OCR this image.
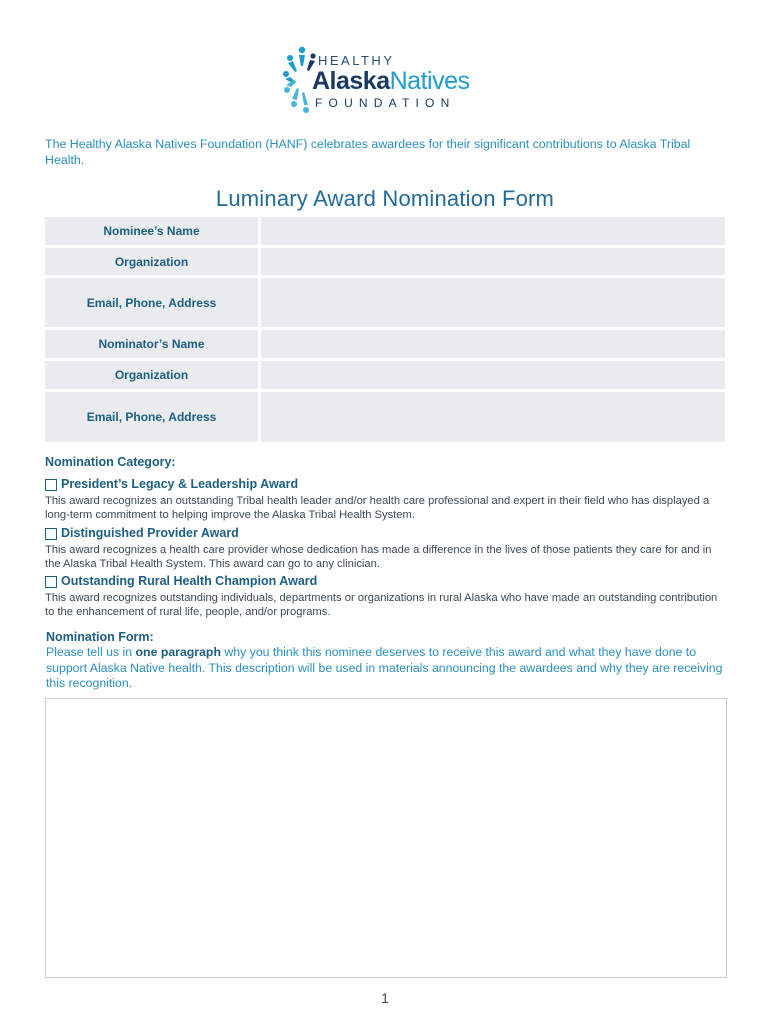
HEALTHY
AlaskaNatives
FOUNDATION
The Healthy Alaska Natives Foundation (HANF) celebrates awardees for their significant contributions to Alaska Tribal Health.
Luminary Award Nomination Form
Nominee’s Name
Organization
Email, Phone, Address
Nominator’s Name
Organization
Email, Phone, Address
Nomination Category:
President’s Legacy & Leadership Award
This award recognizes an outstanding Tribal health leader and/or health care professional and expert in their field who has displayed a long-term commitment to helping improve the Alaska Tribal Health System.
Distinguished Provider Award
This award recognizes a health care provider whose dedication has made a difference in the lives of those patients they care for and in the Alaska Tribal Health System. This award can go to any clinician.
Outstanding Rural Health Champion Award
This award recognizes outstanding individuals, departments or organizations in rural Alaska who have made an outstanding contribution to the enhancement of rural life, people, and/or programs.
Nomination Form:
Please tell us in one paragraph why you think this nominee deserves to receive this award and what they have done to support Alaska Native health. This description will be used in materials announcing the awardees and why they are receiving this recognition.
1
